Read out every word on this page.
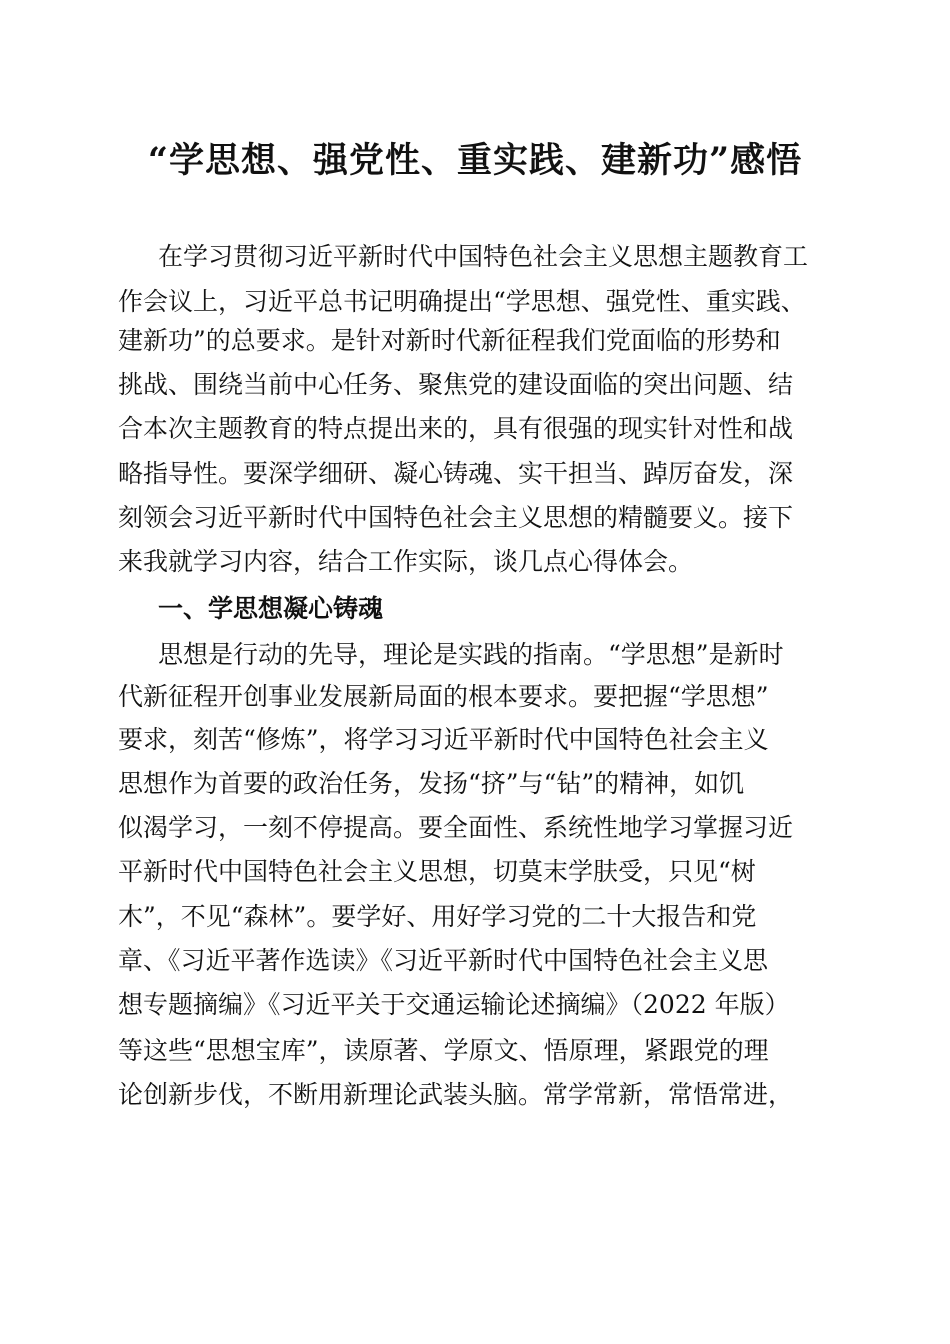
“学思想、强党性、重实践、建新功”感悟

在学习贯彻习近平新时代中国特色社会主义思想主题教育工

作会议上，习近平总书记明确提出“学思想、强党性、重实践、

建新功”的总要求。是针对新时代新征程我们党面临的形势和

挑战、围绕当前中心任务、聚焦党的建设面临的突出问题、结

合本次主题教育的特点提出来的，具有很强的现实针对性和战

略指导性。要深学细研、凝心铸魂、实干担当、踔厉奋发，深

刻领会习近平新时代中国特色社会主义思想的精髓要义。接下

来我就学习内容，结合工作实际，谈几点心得体会。

一、学思想凝心铸魂

思想是行动的先导，理论是实践的指南。“学思想”是新时

代新征程开创事业发展新局面的根本要求。要把握“学思想”

要求，刻苦“修炼”，将学习习近平新时代中国特色社会主义

思想作为首要的政治任务，发扬“挤”与“钻”的精神，如饥

似渴学习，一刻不停提高。要全面性、系统性地学习掌握习近

平新时代中国特色社会主义思想，切莫末学肤受，只见“树

木”，不见“森林”。要学好、用好学习党的二十大报告和党

章、《习近平著作选读》《习近平新时代中国特色社会主义思

想专题摘编》《习近平关于交通运输论述摘编》（2022 年版）

等这些“思想宝库”，读原著、学原文、悟原理，紧跟党的理

论创新步伐，不断用新理论武装头脑。常学常新，常悟常进，
